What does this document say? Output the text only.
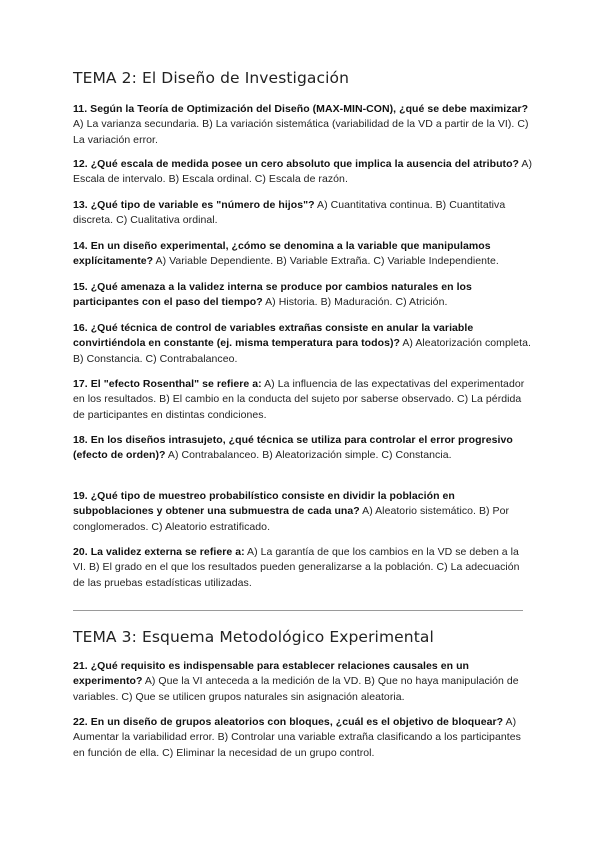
TEMA 2: El Diseño de Investigación
11. Según la Teoría de Optimización del Diseño (MAX-MIN-CON), ¿qué se debe maximizar? A) La varianza secundaria. B) La variación sistemática (variabilidad de la VD a partir de la VI). C) La variación error.
12. ¿Qué escala de medida posee un cero absoluto que implica la ausencia del atributo? A) Escala de intervalo. B) Escala ordinal. C) Escala de razón.
13. ¿Qué tipo de variable es "número de hijos"? A) Cuantitativa continua. B) Cuantitativa discreta. C) Cualitativa ordinal.
14. En un diseño experimental, ¿cómo se denomina a la variable que manipulamos explícitamente? A) Variable Dependiente. B) Variable Extraña. C) Variable Independiente.
15. ¿Qué amenaza a la validez interna se produce por cambios naturales en los participantes con el paso del tiempo? A) Historia. B) Maduración. C) Atrición.
16. ¿Qué técnica de control de variables extrañas consiste en anular la variable convirtiéndola en constante (ej. misma temperatura para todos)? A) Aleatorización completa. B) Constancia. C) Contrabalanceo.
17. El "efecto Rosenthal" se refiere a: A) La influencia de las expectativas del experimentador en los resultados. B) El cambio en la conducta del sujeto por saberse observado. C) La pérdida de participantes en distintas condiciones.
18. En los diseños intrasujeto, ¿qué técnica se utiliza para controlar el error progresivo (efecto de orden)? A) Contrabalanceo. B) Aleatorización simple. C) Constancia.
19. ¿Qué tipo de muestreo probabilístico consiste en dividir la población en subpoblaciones y obtener una submuestra de cada una? A) Aleatorio sistemático. B) Por conglomerados. C) Aleatorio estratificado.
20. La validez externa se refiere a: A) La garantía de que los cambios en la VD se deben a la VI. B) El grado en el que los resultados pueden generalizarse a la población. C) La adecuación de las pruebas estadísticas utilizadas.
TEMA 3: Esquema Metodológico Experimental
21. ¿Qué requisito es indispensable para establecer relaciones causales en un experimento? A) Que la VI anteceda a la medición de la VD. B) Que no haya manipulación de variables. C) Que se utilicen grupos naturales sin asignación aleatoria.
22. En un diseño de grupos aleatorios con bloques, ¿cuál es el objetivo de bloquear? A) Aumentar la variabilidad error. B) Controlar una variable extraña clasificando a los participantes en función de ella. C) Eliminar la necesidad de un grupo control.
